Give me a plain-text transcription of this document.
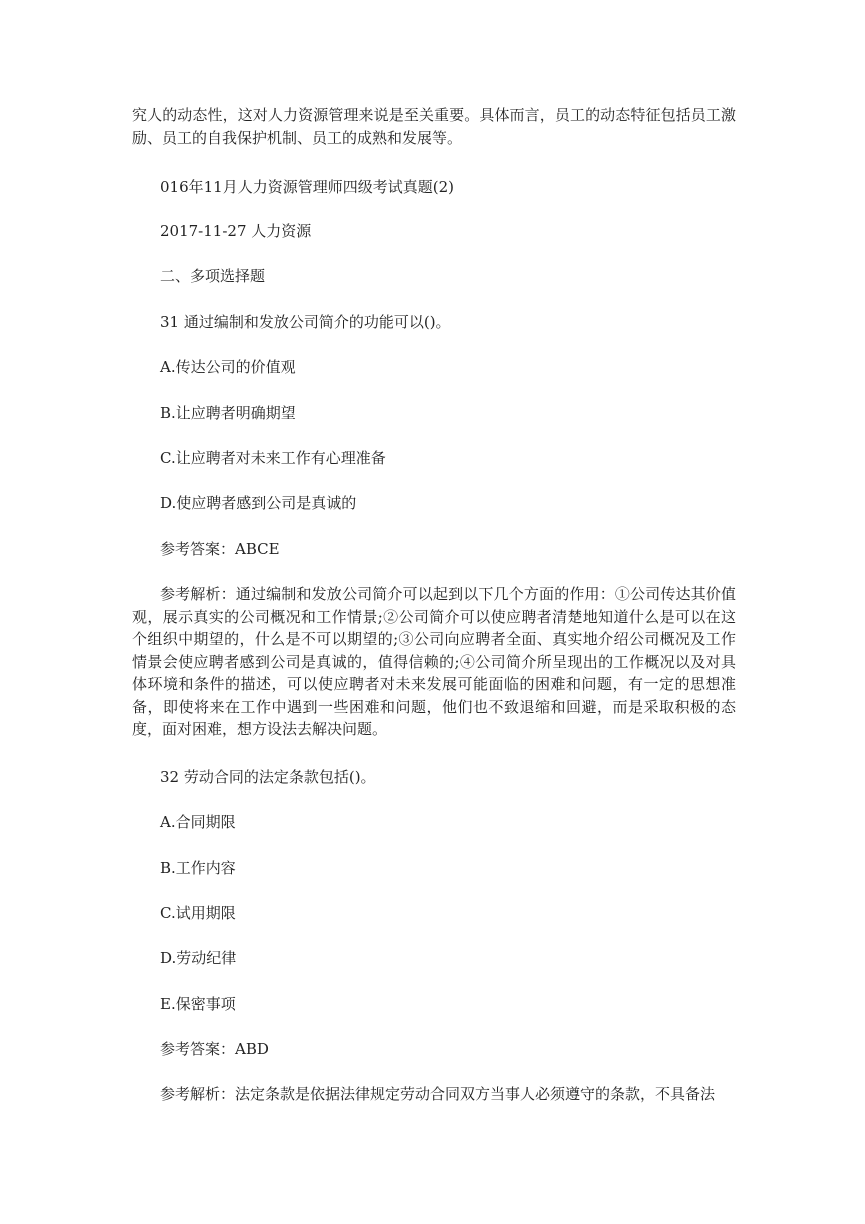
究人的动态性，这对人力资源管理来说是至关重要。具体而言，员工的动态特征包括员工激励、员工的自我保护机制、员工的成熟和发展等。

016年11月人力资源管理师四级考试真题(2)

2017-11-27 人力资源

二、多项选择题

31 通过编制和发放公司简介的功能可以()。

A.传达公司的价值观

B.让应聘者明确期望

C.让应聘者对未来工作有心理准备

D.使应聘者感到公司是真诚的

参考答案：ABCE

参考解析：通过编制和发放公司简介可以起到以下几个方面的作用：①公司传达其价值观，展示真实的公司概况和工作情景;②公司简介可以使应聘者清楚地知道什么是可以在这个组织中期望的，什么是不可以期望的;③公司向应聘者全面、真实地介绍公司概况及工作情景会使应聘者感到公司是真诚的，值得信赖的;④公司简介所呈现出的工作概况以及对具体环境和条件的描述，可以使应聘者对未来发展可能面临的困难和问题，有一定的思想准备，即使将来在工作中遇到一些困难和问题，他们也不致退缩和回避，而是采取积极的态度，面对困难，想方设法去解决问题。

32 劳动合同的法定条款包括()。

A.合同期限

B.工作内容

C.试用期限

D.劳动纪律

E.保密事项

参考答案：ABD

参考解析：法定条款是依据法律规定劳动合同双方当事人必须遵守的条款，不具备法
